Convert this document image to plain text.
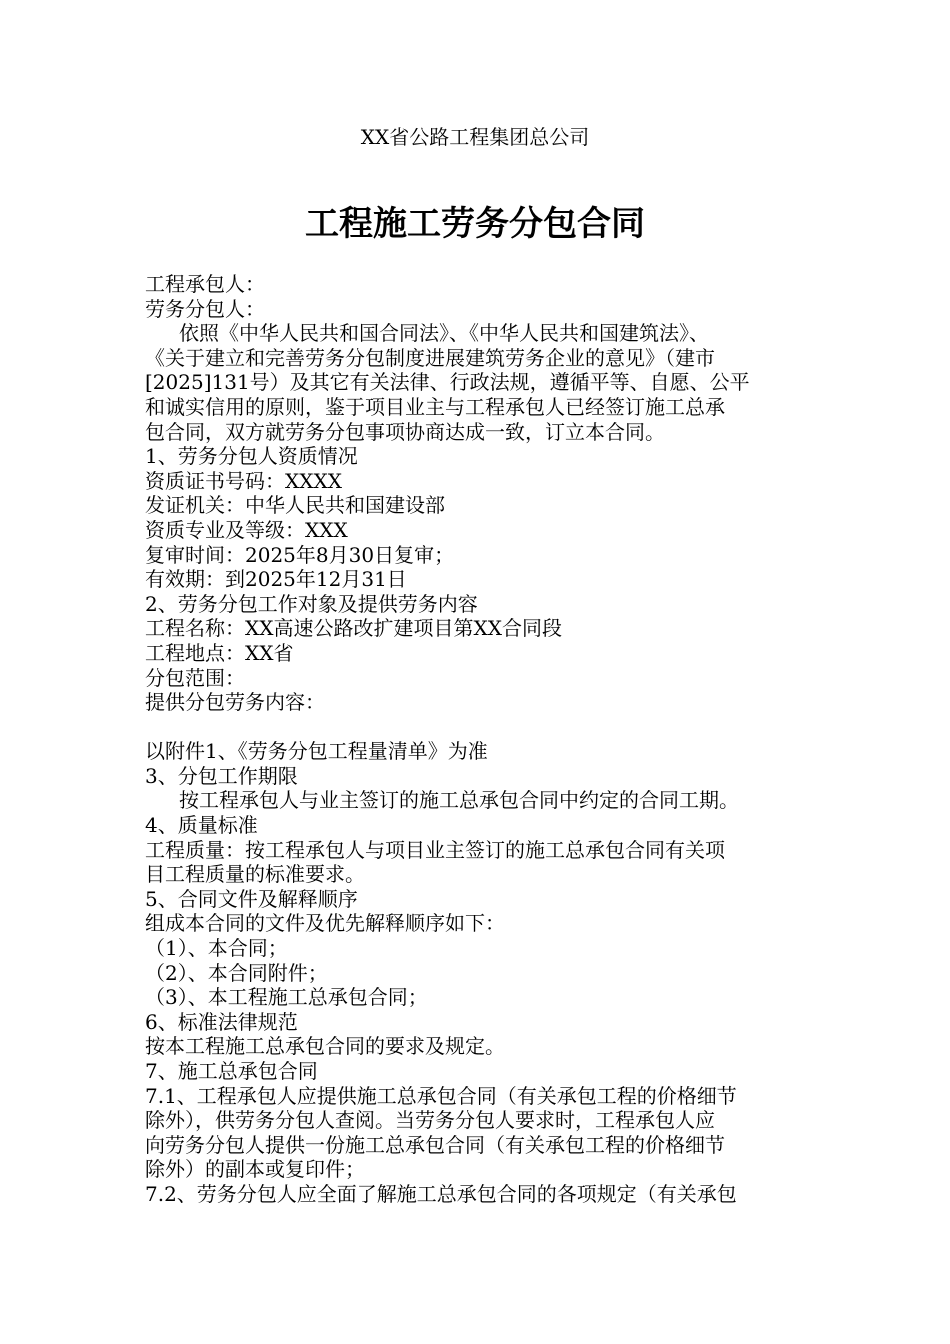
XX省公路工程集团总公司
工程施工劳务分包合同

工程承包人：

劳务分包人：

依照《中华人民共和国合同法》、《中华人民共和国建筑法》、

《关于建立和完善劳务分包制度进展建筑劳务企业的意见》（建市

[2025]131号）及其它有关法律、行政法规，遵循平等、自愿、公平

和诚实信用的原则，鉴于项目业主与工程承包人已经签订施工总承

包合同，双方就劳务分包事项协商达成一致，订立本合同。

1、劳务分包人资质情况

资质证书号码：XXXX

发证机关：中华人民共和国建设部

资质专业及等级：XXX

复审时间：2025年8月30日复审；

有效期：到2025年12月31日

2、劳务分包工作对象及提供劳务内容

工程名称：XX高速公路改扩建项目第XX合同段

工程地点：XX省

分包范围：

提供分包劳务内容：

以附件1、《劳务分包工程量清单》为准

3、分包工作期限

按工程承包人与业主签订的施工总承包合同中约定的合同工期。

4、质量标准

工程质量：按工程承包人与项目业主签订的施工总承包合同有关项

目工程质量的标准要求。

5、合同文件及解释顺序

组成本合同的文件及优先解释顺序如下：

（1）、本合同；

（2）、本合同附件；

（3）、本工程施工总承包合同；

6、标准法律规范

按本工程施工总承包合同的要求及规定。

7、施工总承包合同

7.1、工程承包人应提供施工总承包合同（有关承包工程的价格细节

除外），供劳务分包人查阅。当劳务分包人要求时，工程承包人应

向劳务分包人提供一份施工总承包合同（有关承包工程的价格细节

除外）的副本或复印件；

7.2、劳务分包人应全面了解施工总承包合同的各项规定（有关承包
